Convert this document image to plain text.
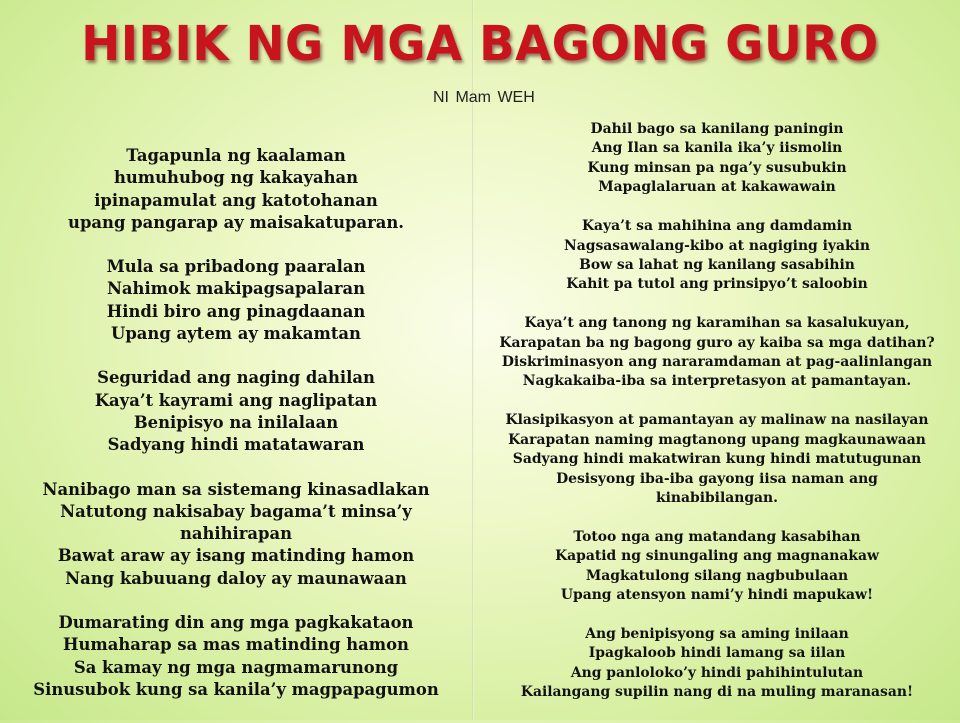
HIBIK NG MGA BAGONG GURO
NI Mam WEH
Tagapunla ng kaalaman
humuhubog ng kakayahan
ipinapamulat ang katotohanan
upang pangarap ay maisakatuparan.
Mula sa pribadong paaralan
Nahimok makipagsapalaran
Hindi biro ang pinagdaanan
Upang aytem ay makamtan
Seguridad ang naging dahilan
Kaya’t kayrami ang naglipatan
Benipisyo na inilalaan
Sadyang hindi matatawaran
Nanibago man sa sistemang kinasadlakan
Natutong nakisabay bagama’t minsa’y
nahihirapan
Bawat araw ay isang matinding hamon
Nang kabuuang daloy ay maunawaan
Dumarating din ang mga pagkakataon
Humaharap sa mas matinding hamon
Sa kamay ng mga nagmamarunong
Sinusubok kung sa kanila’y magpapagumon
Dahil bago sa kanilang paningin
Ang Ilan sa kanila ika’y iismolin
Kung minsan pa nga’y susubukin
Mapaglalaruan at kakawawain
Kaya’t sa mahihina ang damdamin
Nagsasawalang-kibo at nagiging iyakin
Bow sa lahat ng kanilang sasabihin
Kahit pa tutol ang prinsipyo’t saloobin
Kaya’t ang tanong ng karamihan sa kasalukuyan,
Karapatan ba ng bagong guro ay kaiba sa mga datihan?
Diskriminasyon ang nararamdaman at pag-aalinlangan
Nagkakaiba-iba sa interpretasyon at pamantayan.
Klasipikasyon at pamantayan ay malinaw na nasilayan
Karapatan naming magtanong upang magkaunawaan
Sadyang hindi makatwiran kung hindi matutugunan
Desisyong iba-iba gayong iisa naman ang
kinabibilangan.
Totoo nga ang matandang kasabihan
Kapatid ng sinungaling ang magnanakaw
Magkatulong silang nagbubulaan
Upang atensyon nami’y hindi mapukaw!
Ang benipisyong sa aming inilaan
Ipagkaloob hindi lamang sa iilan
Ang panloloko’y hindi pahihintulutan
Kailangang supilin nang di na muling maranasan!
